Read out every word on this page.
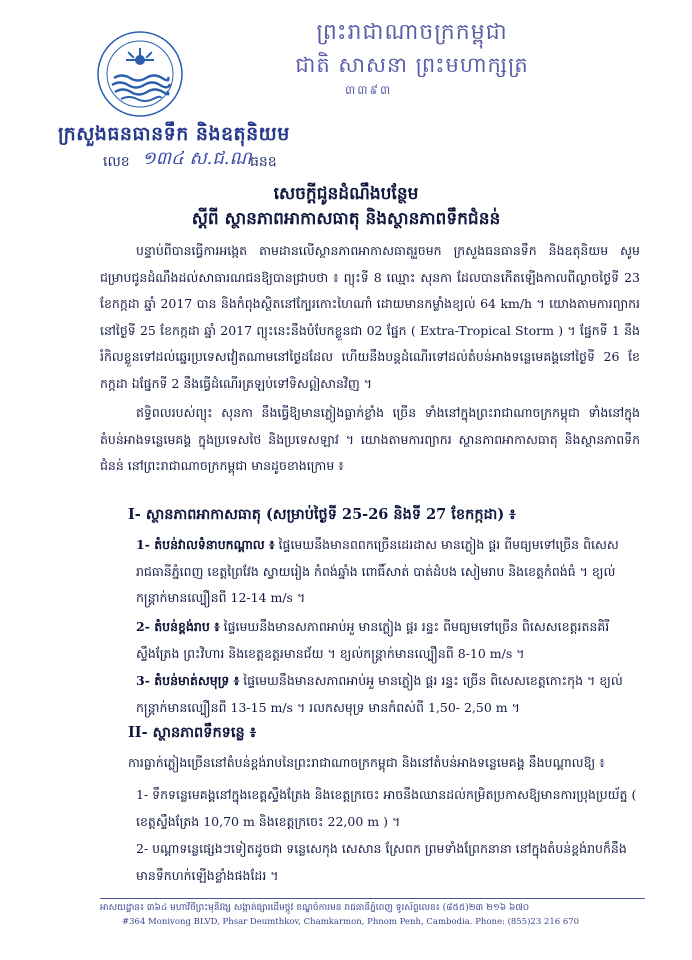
ព្រះរាជាណាចក្រកម្ពុជា
ជាតិ សាសនា ព្រះមហាក្សត្រ
៣៣៩៣
ក្រសួងធនធានទឹក និងឧតុនិយម
លេខ ១៣៤ ស.ជ.ណ
ធនឧ
សេចក្តីជូនដំណឹងបន្ថែម
ស្តីពី ស្ថានភាពអាកាសធាតុ និងស្ថានភាពទឹកជំនន់
បន្ទាប់ពីបានធ្វើការអង្កេត តាមដានលើស្ថានភាពអាកាសធាតុរួចមក ក្រសួងធនធានទឹក និងឧតុនិយម សូមជម្រាបជូនដំណឹងដល់សាធារណជនឱ្យបានជ្រាបថា ៖ ព្យុះទី 8 ឈ្មោះ សុនកា ដែលបានកើតឡើងកាលពីល្ងាចថ្ងៃទី 23 ខែកក្កដា ឆ្នាំ 2017 បាន និងកំពុងស្ថិតនៅក្បែរកោះហៃណាំ ដោយមានកម្លាំងខ្យល់ 64 km/h ។ យោងតាមការព្យាករ នៅថ្ងៃទី 25 ខែកក្កដា ឆ្នាំ 2017 ព្យុះនេះនឹងបំបែកខ្លួនជា 02 ផ្នែក ( Extra-Tropical Storm ) ។ ផ្នែកទី 1 នឹងរំកិលខ្លួនទៅដល់ឆ្នេរប្រទេសវៀតណាមនៅថ្ងៃដដែល ហើយនឹងបន្តដំណើរទៅដល់តំបន់អាងទន្លេមេគង្គនៅថ្ងៃទី 26 ខែកក្កដា ឯផ្នែកទី 2 នឹងធ្វើដំណើរត្រឡប់ទៅទិសឦសានវិញ ។
ឥទ្ធិពលរបស់ព្យុះ សុនកា នឹងធ្វើឱ្យមានភ្លៀងធ្លាក់ខ្លាំង ច្រើន ទាំងនៅក្នុងព្រះរាជាណាចក្រកម្ពុជា ទាំងនៅក្នុងតំបន់អាងទន្លេមេគង្គ ក្នុងប្រទេសថៃ និងប្រទេសឡាវ ។ យោងតាមការព្យាករ ស្ថានភាពអាកាសធាតុ និងស្ថានភាពទឹកជំនន់ នៅព្រះរាជាណាចក្រកម្ពុជា មានដូចខាងក្រោម ៖
I- ស្ថានភាពអាកាសធាតុ (សម្រាប់ថ្ងៃទី 25-26 និងទី 27 ខែកក្កដា) ៖
1- តំបន់វាលទំនាបកណ្តាល ៖ ផ្ទៃមេឃនឹងមានពពកច្រើនដេរដាស មានភ្លៀង ផ្គរ ពីមធ្យមទៅច្រើន ពិសេសរាជធានីភ្នំពេញ ខេត្តព្រៃវែង ស្វាយរៀង កំពង់ឆ្នាំង ពោធិ៍សាត់ បាត់ដំបង សៀមរាប និងខេត្តកំពង់ធំ ។ ខ្យល់កន្ត្រាក់មានល្បឿនពី 12-14 m/s ។
2- តំបន់ខ្ពង់រាប ៖ ផ្ទៃមេឃនឹងមានសភាពអាប់អួ មានភ្លៀង ផ្គរ រន្ទះ ពីមធ្យមទៅច្រើន ពិសេសខេត្តរតនគិរី ស្ទឹងត្រែង ព្រះវិហារ និងខេត្តឧត្តរមានជ័យ ។ ខ្យល់កន្ត្រាក់មានល្បឿនពី 8-10 m/s ។
3- តំបន់មាត់សមុទ្រ ៖ ផ្ទៃមេឃនឹងមានសភាពអាប់អួ មានភ្លៀង ផ្គរ រន្ទះ ច្រើន ពិសេសខេត្តកោះកុង ។ ខ្យល់កន្ត្រាក់មានល្បឿនពី 13-15 m/s ។ រលកសមុទ្រ មានកំពស់ពី 1,50- 2,50 m ។
II- ស្ថានភាពទឹកទន្លេ ៖
ការធ្លាក់ភ្លៀងច្រើននៅតំបន់ខ្ពង់រាបនៃព្រះរាជាណាចក្រកម្ពុជា និងនៅតំបន់អាងទន្លេមេគង្គ នឹងបណ្តាលឱ្យ ៖
1- ទឹកទន្លេមេគង្គនៅក្នុងខេត្តស្ទឹងត្រែង និងខេត្តក្រចេះ អាចនឹងឈានដល់កម្រិតប្រកាសឱ្យមានការប្រុងប្រយ័ត្ន ( ខេត្តស្ទឹងត្រែង 10,70 m និងខេត្តក្រចេះ 22,00 m ) ។
2- បណ្តាទន្លេផ្សេងៗទៀតដូចជា ទន្លេសេកុង សេសាន ស្រែពក ព្រមទាំងព្រែកនានា នៅក្នុងតំបន់ខ្ពង់រាបក៏នឹងមានទឹកហក់ឡើងខ្លាំងផងដែរ ។
អាសយដ្ឋាន៖ ៣៦៤ មហាវិថីព្រះមុនីវង្ស សង្កាត់ផ្សារដើមថ្កូវ ខណ្ឌចំការមន រាជធានីភ្នំពេញ ទូរស័ព្ទលេខ៖ (៨៥៥)២៣ ២១៦ ៦៧០
#364 Monivong BLVD, Phsar Deumthkov, Chamkarmon, Phnom Penh, Cambodia. Phone: (855)23 216 670
